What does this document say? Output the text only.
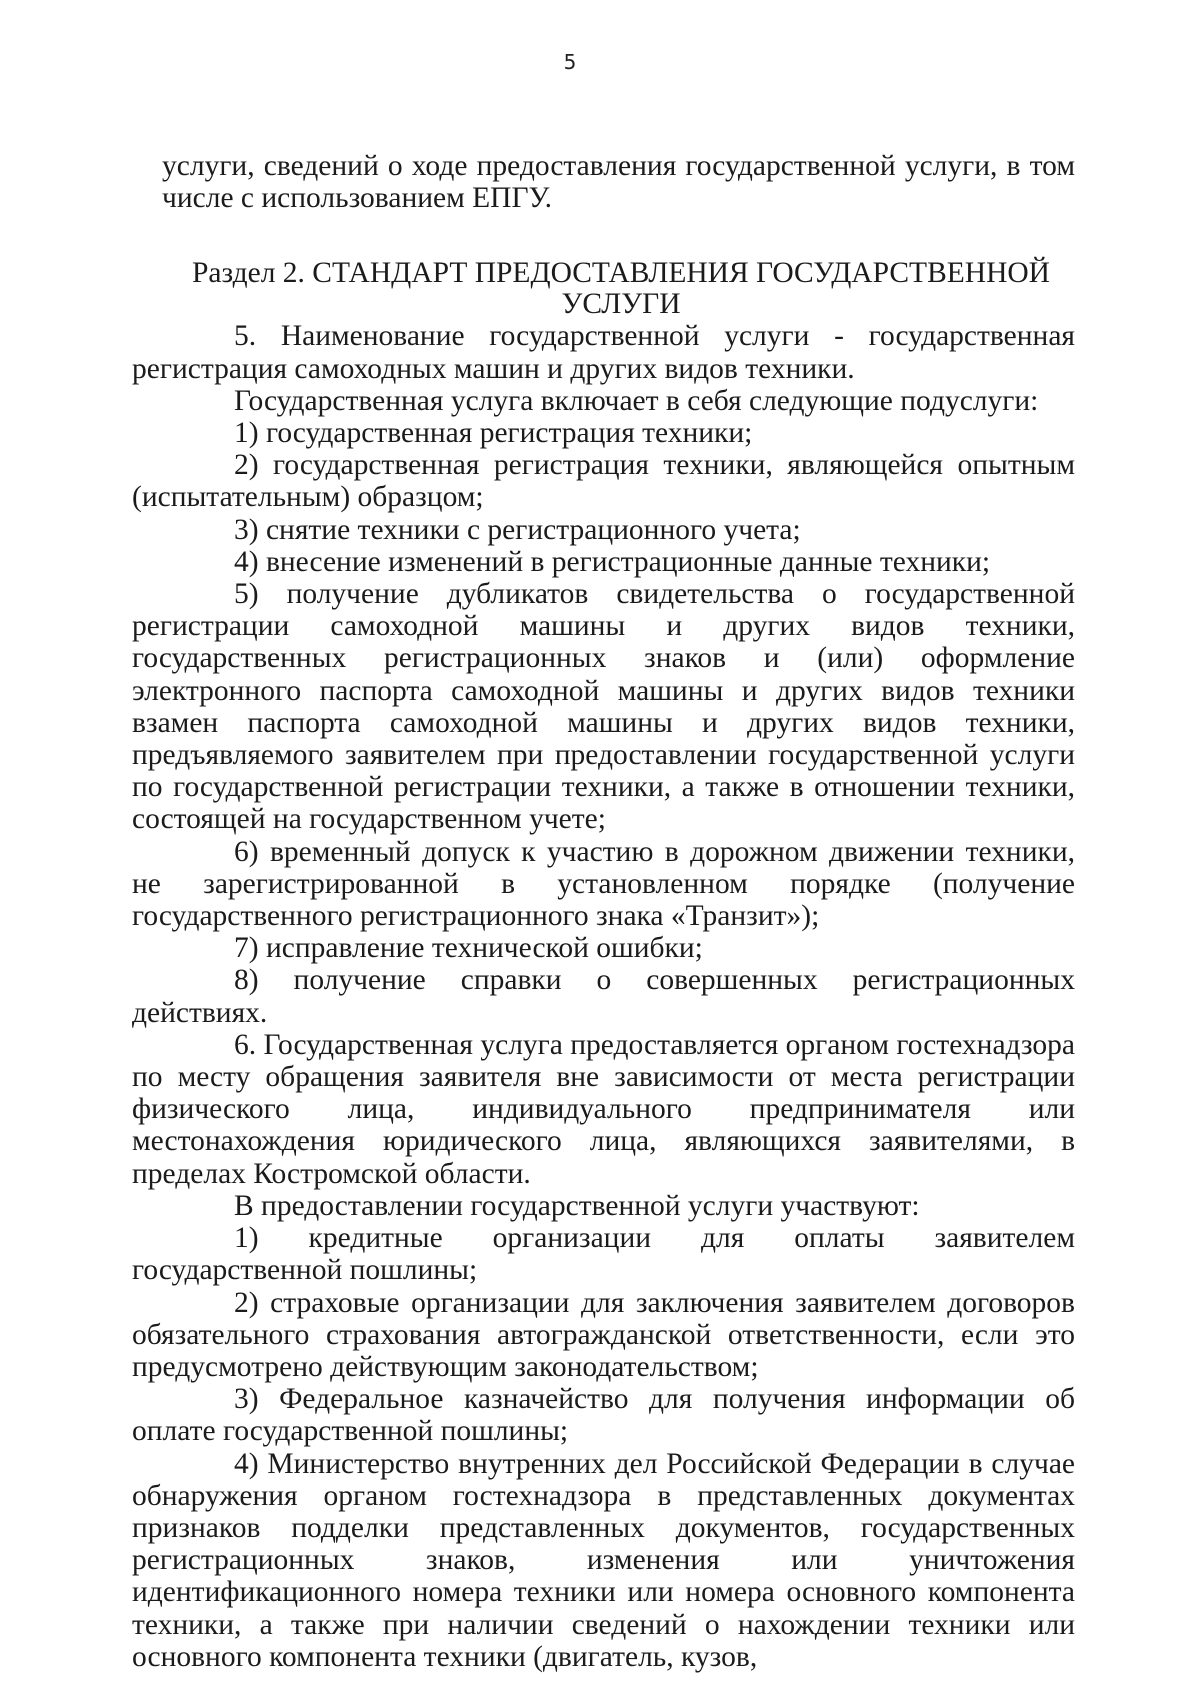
5

услуги, сведений о ходе предоставления государственной услуги, в том числе с использованием ЕПГУ.

Раздел 2. СТАНДАРТ ПРЕДОСТАВЛЕНИЯ ГОСУДАРСТВЕННОЙ
УСЛУГИ

5. Наименование государственной услуги - государственная регистрация самоходных машин и других видов техники.

Государственная услуга включает в себя следующие подуслуги:

1) государственная регистрация техники;

2) государственная регистрация техники, являющейся опытным (испытательным) образцом;

3) снятие техники с регистрационного учета;

4) внесение изменений в регистрационные данные техники;

5) получение дубликатов свидетельства о государственной регистрации самоходной машины и других видов техники, государственных регистрационных знаков и (или) оформление электронного паспорта самоходной машины и других видов техники взамен паспорта самоходной машины и других видов техники, предъявляемого заявителем при предоставлении государственной услуги по государственной регистрации техники, а также в отношении техники, состоящей на государственном учете;

6) временный допуск к участию в дорожном движении техники, не зарегистрированной в установленном порядке (получение государственного регистрационного знака «Транзит»);

7) исправление технической ошибки;

8) получение справки о совершенных регистрационных действиях.

6. Государственная услуга предоставляется органом гостехнадзора по месту обращения заявителя вне зависимости от места регистрации физического лица, индивидуального предпринимателя или местонахождения юридического лица, являющихся заявителями, в пределах Костромской области.

В предоставлении государственной услуги участвуют:

1) кредитные организации для оплаты заявителем государственной пошлины;

2) страховые организации для заключения заявителем договоров обязательного страхования автогражданской ответственности, если это предусмотрено действующим законодательством;

3) Федеральное казначейство для получения информации об оплате государственной пошлины;

4) Министерство внутренних дел Российской Федерации в случае обнаружения органом гостехнадзора в представленных документах признаков подделки представленных документов, государственных регистрационных знаков, изменения или уничтожения идентификационного номера техники или номера основного компонента техники, а также при наличии сведений о нахождении техники или основного компонента техники (двигатель, кузов,
